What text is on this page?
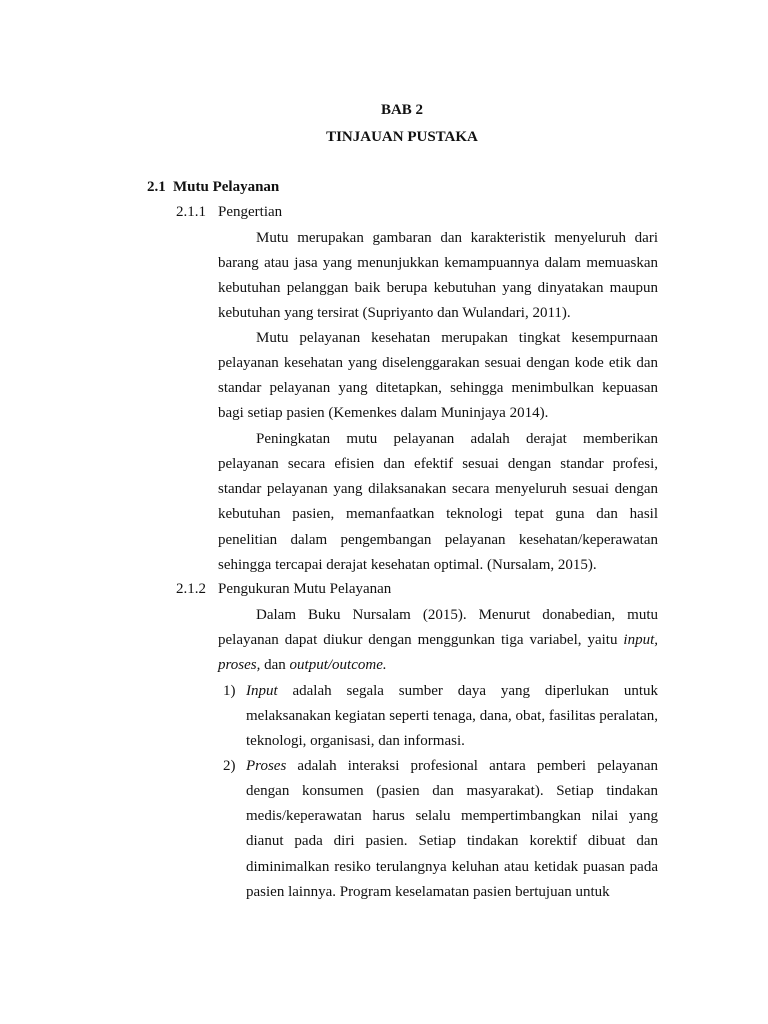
BAB 2
TINJAUAN PUSTAKA
2.1 Mutu Pelayanan
2.1.1 Pengertian

Mutu merupakan gambaran dan karakteristik menyeluruh dari barang atau jasa yang menunjukkan kemampuannya dalam memuaskan kebutuhan pelanggan baik berupa kebutuhan yang dinyatakan maupun kebutuhan yang tersirat (Supriyanto dan Wulandari, 2011).

Mutu pelayanan kesehatan merupakan tingkat kesempurnaan pelayanan kesehatan yang diselenggarakan sesuai dengan kode etik dan standar pelayanan yang ditetapkan, sehingga menimbulkan kepuasan bagi setiap pasien (Kemenkes dalam Muninjaya 2014).

Peningkatan mutu pelayanan adalah derajat memberikan pelayanan secara efisien dan efektif sesuai dengan standar profesi, standar pelayanan yang dilaksanakan secara menyeluruh sesuai dengan kebutuhan pasien, memanfaatkan teknologi tepat guna dan hasil penelitian dalam pengembangan pelayanan kesehatan/keperawatan sehingga tercapai derajat kesehatan optimal. (Nursalam, 2015).

2.1.2 Pengukuran Mutu Pelayanan

Dalam Buku Nursalam (2015). Menurut donabedian, mutu pelayanan dapat diukur dengan menggunkan tiga variabel, yaitu input, proses, dan output/outcome.

1) Input adalah segala sumber daya yang diperlukan untuk melaksanakan kegiatan seperti tenaga, dana, obat, fasilitas peralatan, teknologi, organisasi, dan informasi.
2) Proses adalah interaksi profesional antara pemberi pelayanan dengan konsumen (pasien dan masyarakat). Setiap tindakan medis/keperawatan harus selalu mempertimbangkan nilai yang dianut pada diri pasien. Setiap tindakan korektif dibuat dan diminimalkan resiko terulangnya keluhan atau ketidak puasan pada pasien lainnya. Program keselamatan pasien bertujuan untuk
